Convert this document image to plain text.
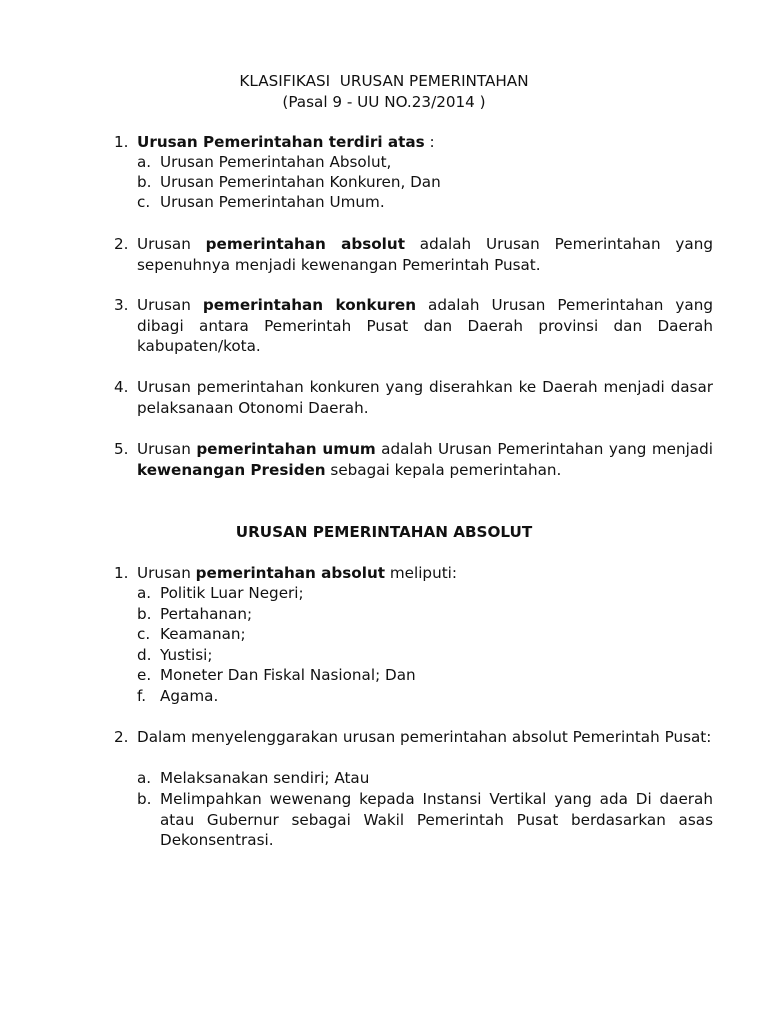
KLASIFIKASI  URUSAN PEMERINTAHAN
(Pasal 9 - UU NO.23/2014 )
1. Urusan Pemerintahan terdiri atas :
a. Urusan Pemerintahan Absolut,
b. Urusan Pemerintahan Konkuren, Dan
c. Urusan Pemerintahan Umum.
2. Urusan pemerintahan absolut adalah Urusan Pemerintahan yang sepenuhnya menjadi kewenangan Pemerintah Pusat.
3. Urusan pemerintahan konkuren adalah Urusan Pemerintahan yang dibagi antara Pemerintah Pusat dan Daerah provinsi dan Daerah kabupaten/kota.
4. Urusan pemerintahan konkuren yang diserahkan ke Daerah menjadi dasar pelaksanaan Otonomi Daerah.
5. Urusan pemerintahan umum adalah Urusan Pemerintahan yang menjadi kewenangan Presiden sebagai kepala pemerintahan.
URUSAN PEMERINTAHAN ABSOLUT
1. Urusan pemerintahan absolut meliputi:
a. Politik Luar Negeri;
b. Pertahanan;
c. Keamanan;
d. Yustisi;
e. Moneter Dan Fiskal Nasional; Dan
f. Agama.
2. Dalam menyelenggarakan urusan pemerintahan absolut Pemerintah Pusat:
a. Melaksanakan sendiri; Atau
b. Melimpahkan wewenang kepada Instansi Vertikal yang ada Di daerah atau Gubernur sebagai Wakil Pemerintah Pusat berdasarkan asas Dekonsentrasi.
